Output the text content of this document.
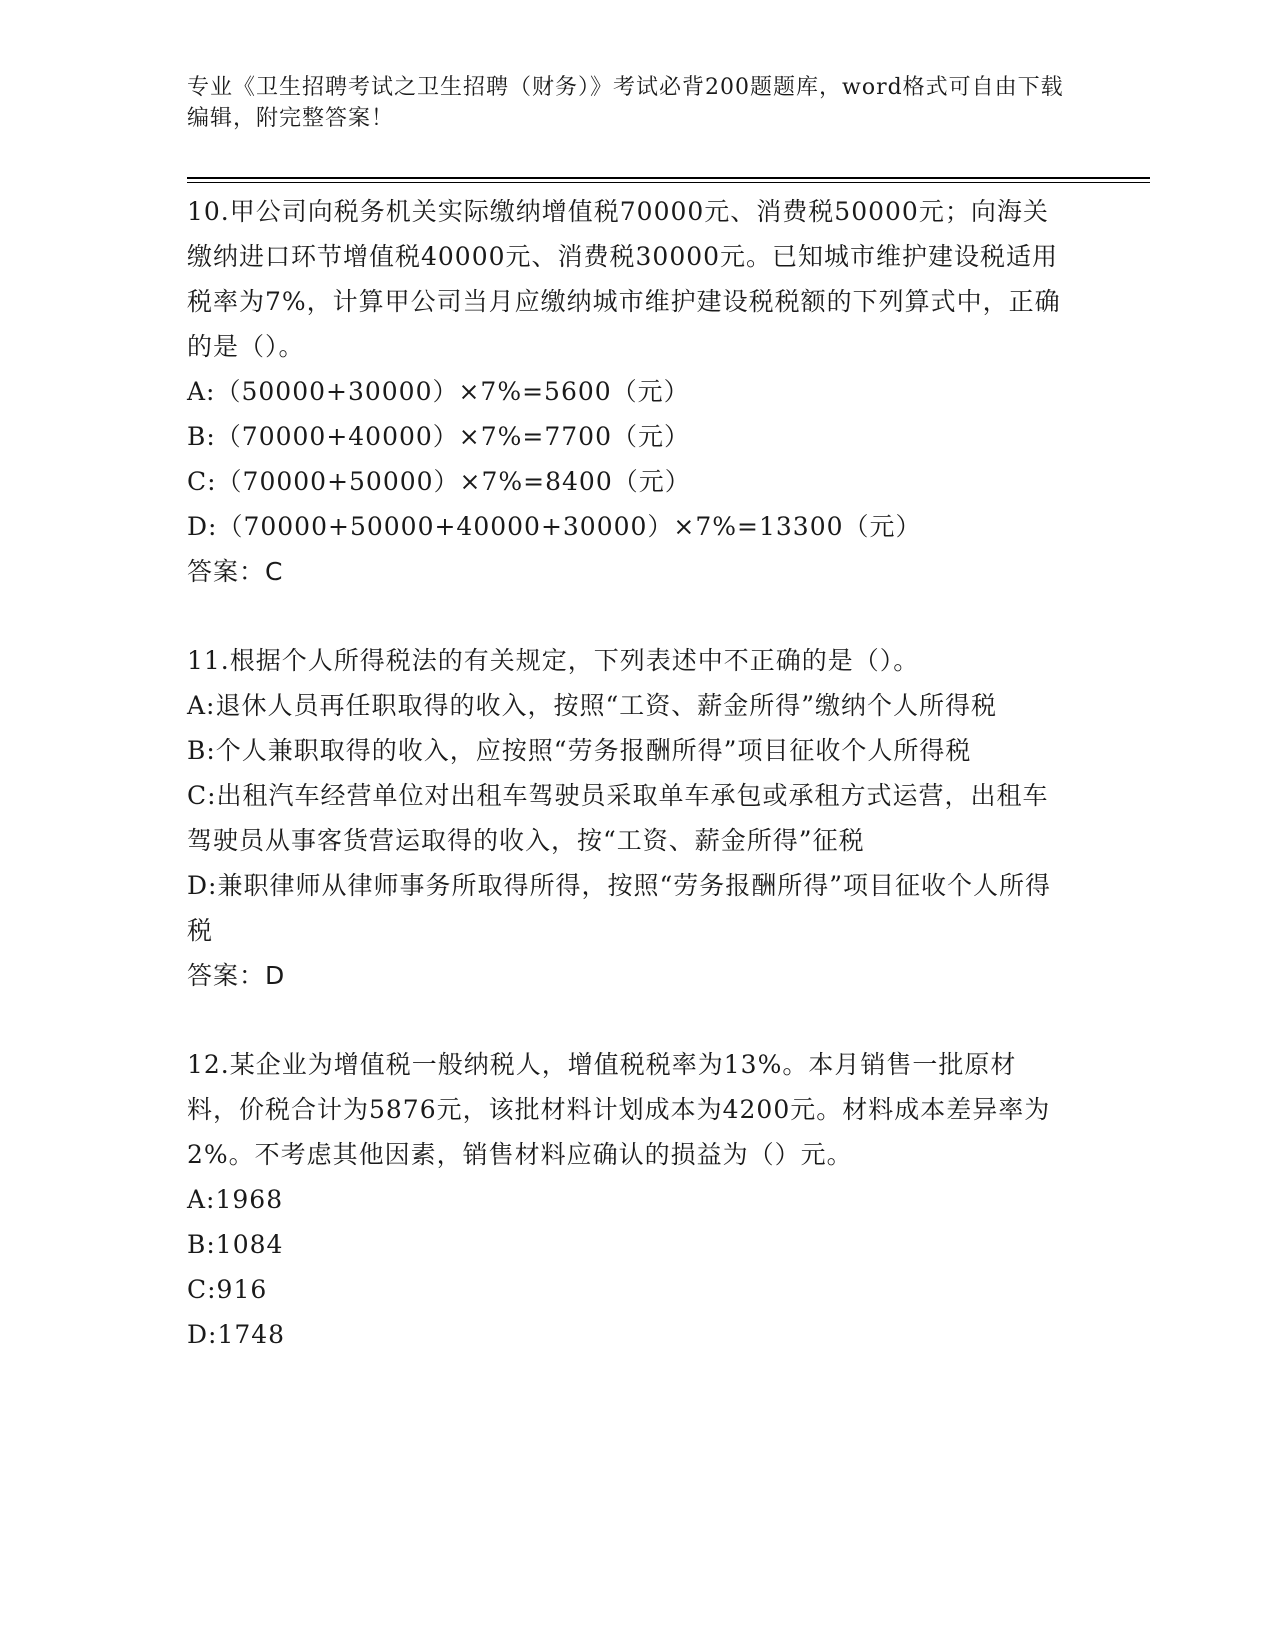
专业《卫生招聘考试之卫生招聘（财务）》考试必背200题题库，word格式可自由下载编辑，附完整答案！

10.甲公司向税务机关实际缴纳增值税70000元、消费税50000元；向海关缴纳进口环节增值税40000元、消费税30000元。已知城市维护建设税适用税率为7%，计算甲公司当月应缴纳城市维护建设税税额的下列算式中，正确的是（）。

A:（50000+30000）×7%=5600（元）

B:（70000+40000）×7%=7700（元）

C:（70000+50000）×7%=8400（元）

D:（70000+50000+40000+30000）×7%=13300（元）

答案：C

11.根据个人所得税法的有关规定，下列表述中不正确的是（）。

A:退休人员再任职取得的收入，按照“工资、薪金所得”缴纳个人所得税

B:个人兼职取得的收入，应按照“劳务报酬所得”项目征收个人所得税

C:出租汽车经营单位对出租车驾驶员采取单车承包或承租方式运营，出租车驾驶员从事客货营运取得的收入，按“工资、薪金所得”征税

D:兼职律师从律师事务所取得所得，按照“劳务报酬所得”项目征收个人所得税

答案：D

12.某企业为增值税一般纳税人，增值税税率为13%。本月销售一批原材料，价税合计为5876元，该批材料计划成本为4200元。材料成本差异率为2%。不考虑其他因素，销售材料应确认的损益为（）元。

A:1968

B:1084

C:916

D:1748
